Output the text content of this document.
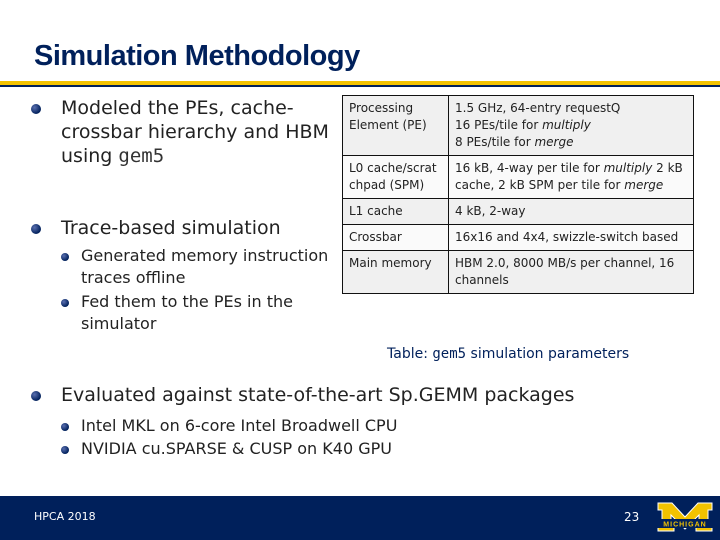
Simulation Methodology
Modeled the PEs, cache-crossbar hierarchy and HBM using gem5
Trace-based simulation
Generated memory instruction traces offline
Fed them to the PEs in the simulator
Processing Element (PE)	1.5 GHz, 64-entry requestQ
16 PEs/tile for multiply
8 PEs/tile for merge
L0 cache/scratchpad (SPM)	16 kB, 4-way per tile for multiply 2 kB cache, 2 kB SPM per tile for merge
L1 cache	4 kB, 2-way
Crossbar	16x16 and 4x4, swizzle-switch based
Main memory	HBM 2.0, 8000 MB/s per channel, 16 channels
Table: gem5 simulation parameters
Evaluated against state-of-the-art Sp.GEMM packages
Intel MKL on 6-core Intel Broadwell CPU
NVIDIA cu.SPARSE & CUSP on K40 GPU
HPCA 2018	23
MICHIGAN
